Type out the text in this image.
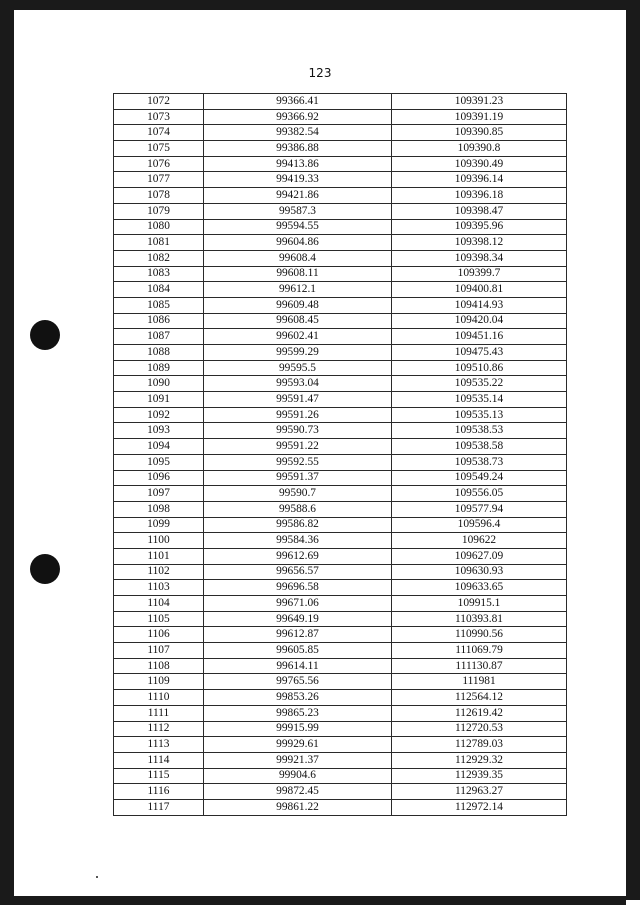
123
1072	99366.41	109391.23
1073	99366.92	109391.19
1074	99382.54	109390.85
1075	99386.88	109390.8
1076	99413.86	109390.49
1077	99419.33	109396.14
1078	99421.86	109396.18
1079	99587.3	109398.47
1080	99594.55	109395.96
1081	99604.86	109398.12
1082	99608.4	109398.34
1083	99608.11	109399.7
1084	99612.1	109400.81
1085	99609.48	109414.93
1086	99608.45	109420.04
1087	99602.41	109451.16
1088	99599.29	109475.43
1089	99595.5	109510.86
1090	99593.04	109535.22
1091	99591.47	109535.14
1092	99591.26	109535.13
1093	99590.73	109538.53
1094	99591.22	109538.58
1095	99592.55	109538.73
1096	99591.37	109549.24
1097	99590.7	109556.05
1098	99588.6	109577.94
1099	99586.82	109596.4
1100	99584.36	109622
1101	99612.69	109627.09
1102	99656.57	109630.93
1103	99696.58	109633.65
1104	99671.06	109915.1
1105	99649.19	110393.81
1106	99612.87	110990.56
1107	99605.85	111069.79
1108	99614.11	111130.87
1109	99765.56	111981
1110	99853.26	112564.12
1111	99865.23	112619.42
1112	99915.99	112720.53
1113	99929.61	112789.03
1114	99921.37	112929.32
1115	99904.6	112939.35
1116	99872.45	112963.27
1117	99861.22	112972.14
